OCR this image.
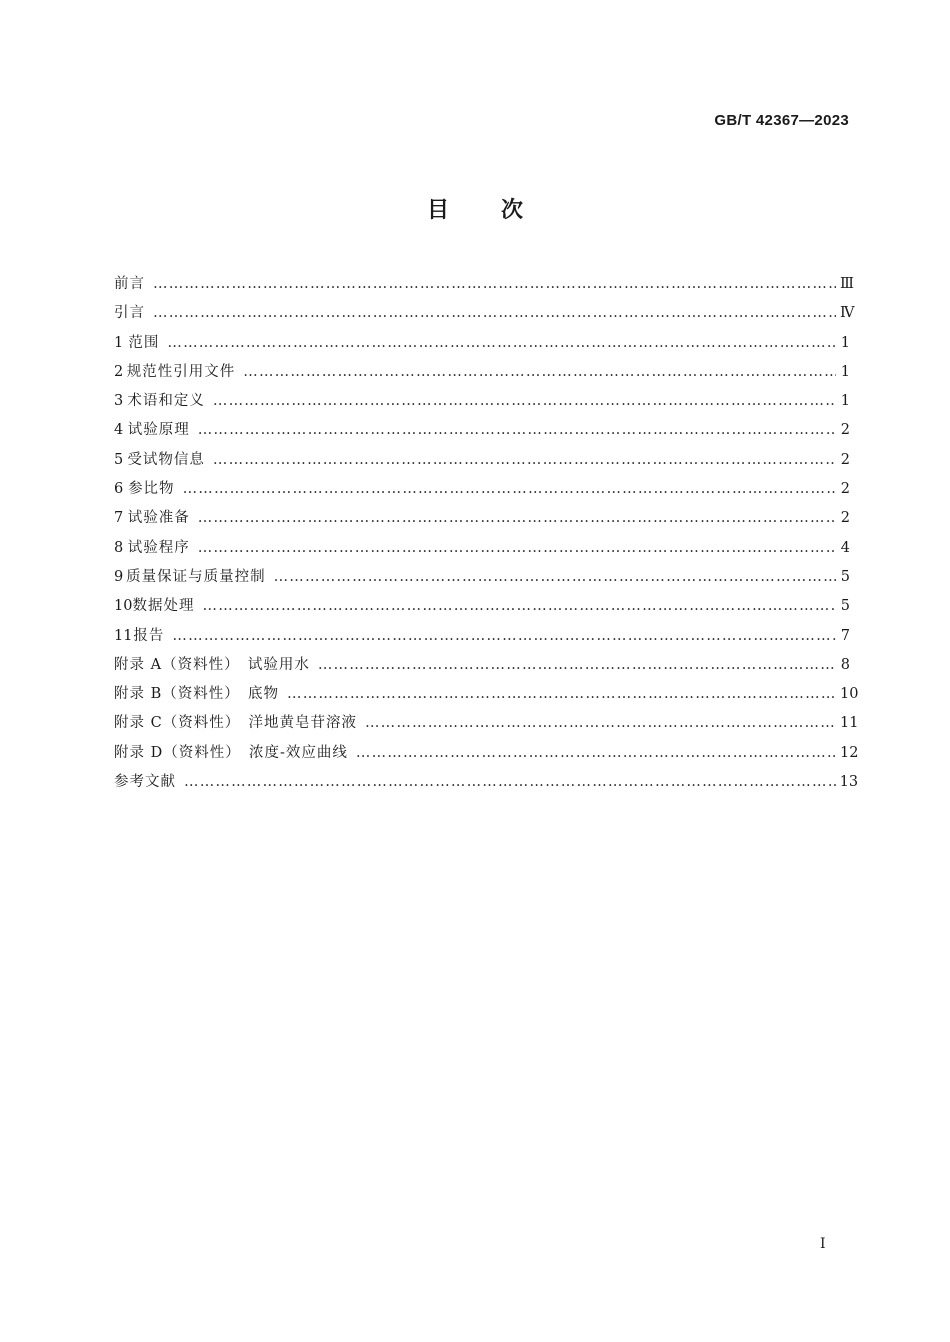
GB/T 42367—2023
目次
前言 ……………………………………………………………………………………………………………………………………………………………………………………………………	Ⅲ
引言 ……………………………………………………………………………………………………………………………………………………………………………………………………	Ⅳ
1 范围 ……………………………………………………………………………………………………………………………………………………………………………………………………	1
2 规范性引用文件 ……………………………………………………………………………………………………………………………………………………………………………………………………	1
3 术语和定义 ……………………………………………………………………………………………………………………………………………………………………………………………………	1
4 试验原理 ……………………………………………………………………………………………………………………………………………………………………………………………………	2
5 受试物信息 ……………………………………………………………………………………………………………………………………………………………………………………………………	2
6 参比物 ……………………………………………………………………………………………………………………………………………………………………………………………………	2
7 试验准备 ……………………………………………………………………………………………………………………………………………………………………………………………………	2
8 试验程序 ……………………………………………………………………………………………………………………………………………………………………………………………………	4
9 质量保证与质量控制 ……………………………………………………………………………………………………………………………………………………………………………………………………	5
10 数据处理 ……………………………………………………………………………………………………………………………………………………………………………………………………	5
11 报告 ……………………………………………………………………………………………………………………………………………………………………………………………………	7
附录 A（资料性）　试验用水 ……………………………………………………………………………………………………………………………………………………………………………………………………	8
附录 B（资料性）　底物 ……………………………………………………………………………………………………………………………………………………………………………………………………	10
附录 C（资料性）　洋地黄皂苷溶液 ……………………………………………………………………………………………………………………………………………………………………………………………………	11
附录 D（资料性）　浓度-效应曲线 ……………………………………………………………………………………………………………………………………………………………………………………………………	12
参考文献 ……………………………………………………………………………………………………………………………………………………………………………………………………	13
I
